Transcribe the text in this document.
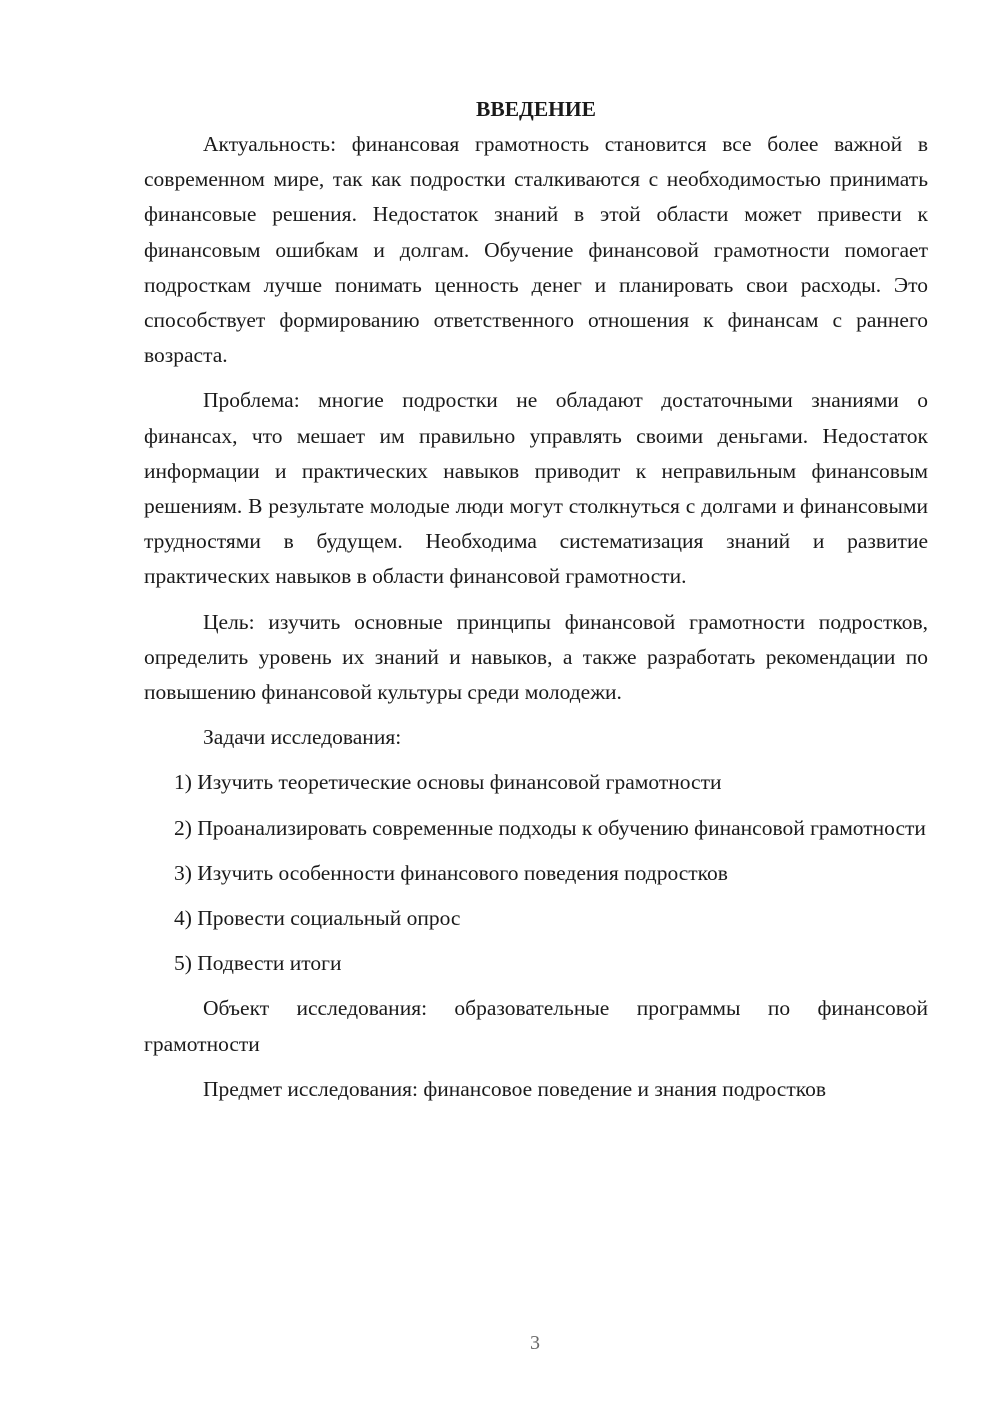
ВВЕДЕНИЕ

Актуальность: финансовая грамотность становится все более важной в современном мире, так как подростки сталкиваются с необходимостью принимать финансовые решения. Недостаток знаний в этой области может привести к финансовым ошибкам и долгам. Обучение финансовой грамотности помогает подросткам лучше понимать ценность денег и планировать свои расходы. Это способствует формированию ответственного отношения к финансам с раннего возраста.

Проблема: многие подростки не обладают достаточными знаниями о финансах, что мешает им правильно управлять своими деньгами. Недостаток информации и практических навыков приводит к неправильным финансовым решениям. В результате молодые люди могут столкнуться с долгами и финансовыми трудностями в будущем. Необходима систематизация знаний и развитие практических навыков в области финансовой грамотности.

Цель: изучить основные принципы финансовой грамотности подростков, определить уровень их знаний и навыков, а также разработать рекомендации по повышению финансовой культуры среди молодежи.

Задачи исследования:

1) Изучить теоретические основы финансовой грамотности

2) Проанализировать современные подходы к обучению финансовой грамотности

3) Изучить особенности финансового поведения подростков

4) Провести социальный опрос

5) Подвести итоги

Объект исследования: образовательные программы по финансовой грамотности

Предмет исследования: финансовое поведение и знания подростков

3
